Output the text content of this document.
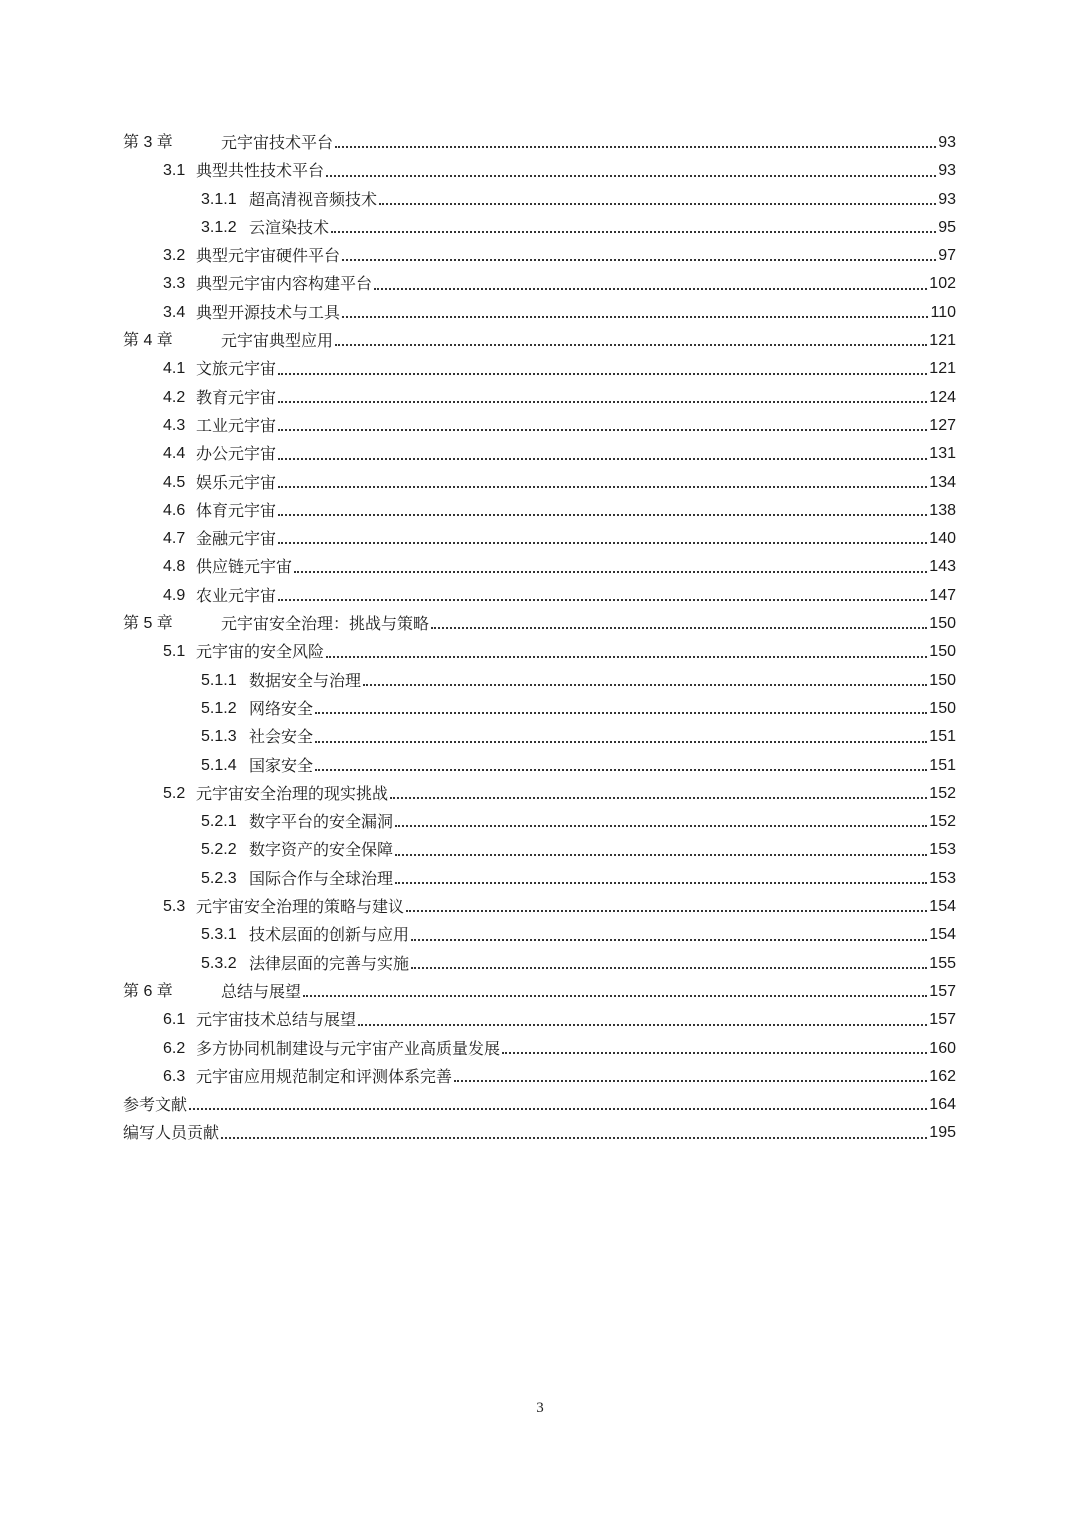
第 3 章	元宇宙技术平台	93
3.1 典型共性技术平台	93
3.1.1 超高清视音频技术	93
3.1.2 云渲染技术	95
3.2 典型元宇宙硬件平台	97
3.3 典型元宇宙内容构建平台	102
3.4 典型开源技术与工具	110
第 4 章	元宇宙典型应用	121
4.1 文旅元宇宙	121
4.2 教育元宇宙	124
4.3 工业元宇宙	127
4.4 办公元宇宙	131
4.5 娱乐元宇宙	134
4.6 体育元宇宙	138
4.7 金融元宇宙	140
4.8 供应链元宇宙	143
4.9 农业元宇宙	147
第 5 章	元宇宙安全治理：挑战与策略	150
5.1 元宇宙的安全风险	150
5.1.1 数据安全与治理	150
5.1.2 网络安全	150
5.1.3 社会安全	151
5.1.4 国家安全	151
5.2 元宇宙安全治理的现实挑战	152
5.2.1 数字平台的安全漏洞	152
5.2.2 数字资产的安全保障	153
5.2.3 国际合作与全球治理	153
5.3 元宇宙安全治理的策略与建议	154
5.3.1 技术层面的创新与应用	154
5.3.2 法律层面的完善与实施	155
第 6 章	总结与展望	157
6.1 元宇宙技术总结与展望	157
6.2 多方协同机制建设与元宇宙产业高质量发展	160
6.3 元宇宙应用规范制定和评测体系完善	162
参考文献	164
编写人员贡献	195
3
